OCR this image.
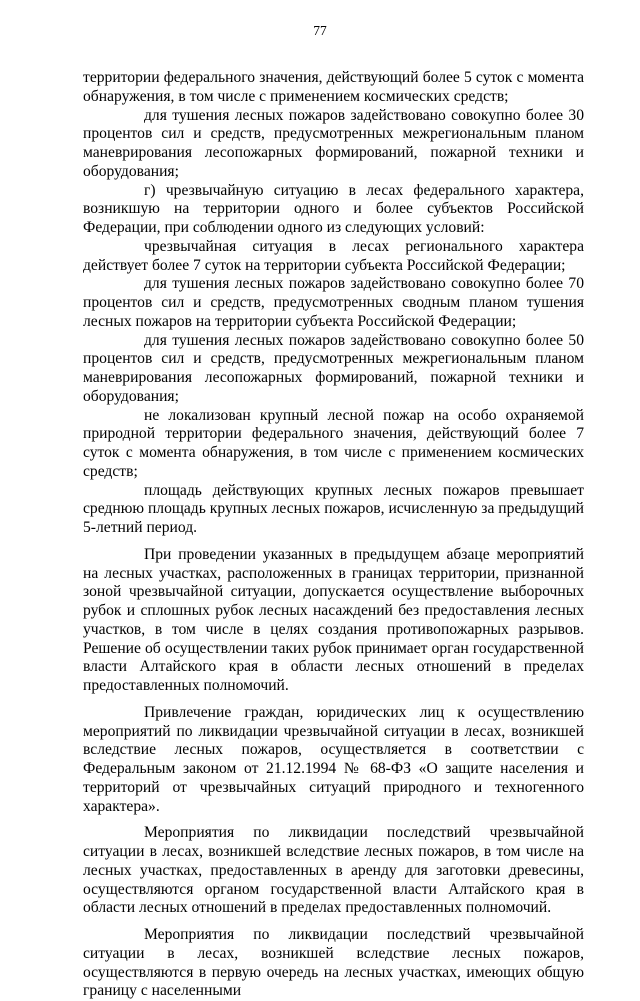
77

территории федерального значения, действующий более 5 суток с момента обнаружения, в том числе с применением космических средств;

для тушения лесных пожаров задействовано совокупно более 30 процентов сил и средств, предусмотренных межрегиональным планом маневрирования лесопожарных формирований, пожарной техники и оборудования;

г) чрезвычайную ситуацию в лесах федерального характера, возникшую на территории одного и более субъектов Российской Федерации, при соблюдении одного из следующих условий:

чрезвычайная ситуация в лесах регионального характера действует более 7 суток на территории субъекта Российской Федерации;

для тушения лесных пожаров задействовано совокупно более 70 процентов сил и средств, предусмотренных сводным планом тушения лесных пожаров на территории субъекта Российской Федерации;

для тушения лесных пожаров задействовано совокупно более 50 процентов сил и средств, предусмотренных межрегиональным планом маневрирования лесопожарных формирований, пожарной техники и оборудования;

не локализован крупный лесной пожар на особо охраняемой природной территории федерального значения, действующий более 7 суток с момента обнаружения, в том числе с применением космических средств;

площадь действующих крупных лесных пожаров превышает среднюю площадь крупных лесных пожаров, исчисленную за предыдущий 5-летний период.

При проведении указанных в предыдущем абзаце мероприятий на лесных участках, расположенных в границах территории, признанной зоной чрезвычайной ситуации, допускается осуществление выборочных рубок и сплошных рубок лесных насаждений без предоставления лесных участков, в том числе в целях создания противопожарных разрывов. Решение об осуществлении таких рубок принимает орган государственной власти Алтайского края в области лесных отношений в пределах предоставленных полномочий.

Привлечение граждан, юридических лиц к осуществлению мероприятий по ликвидации чрезвычайной ситуации в лесах, возникшей вследствие лесных пожаров, осуществляется в соответствии с Федеральным законом от 21.12.1994 № 68-ФЗ «О защите населения и территорий от чрезвычайных ситуаций природного и техногенного характера».

Мероприятия по ликвидации последствий чрезвычайной ситуации в лесах, возникшей вследствие лесных пожаров, в том числе на лесных участках, предоставленных в аренду для заготовки древесины, осуществляются органом государственной власти Алтайского края в области лесных отношений в пределах предоставленных полномочий.

Мероприятия по ликвидации последствий чрезвычайной ситуации в лесах, возникшей вследствие лесных пожаров, осуществляются в первую очередь на лесных участках, имеющих общую границу с населенными
